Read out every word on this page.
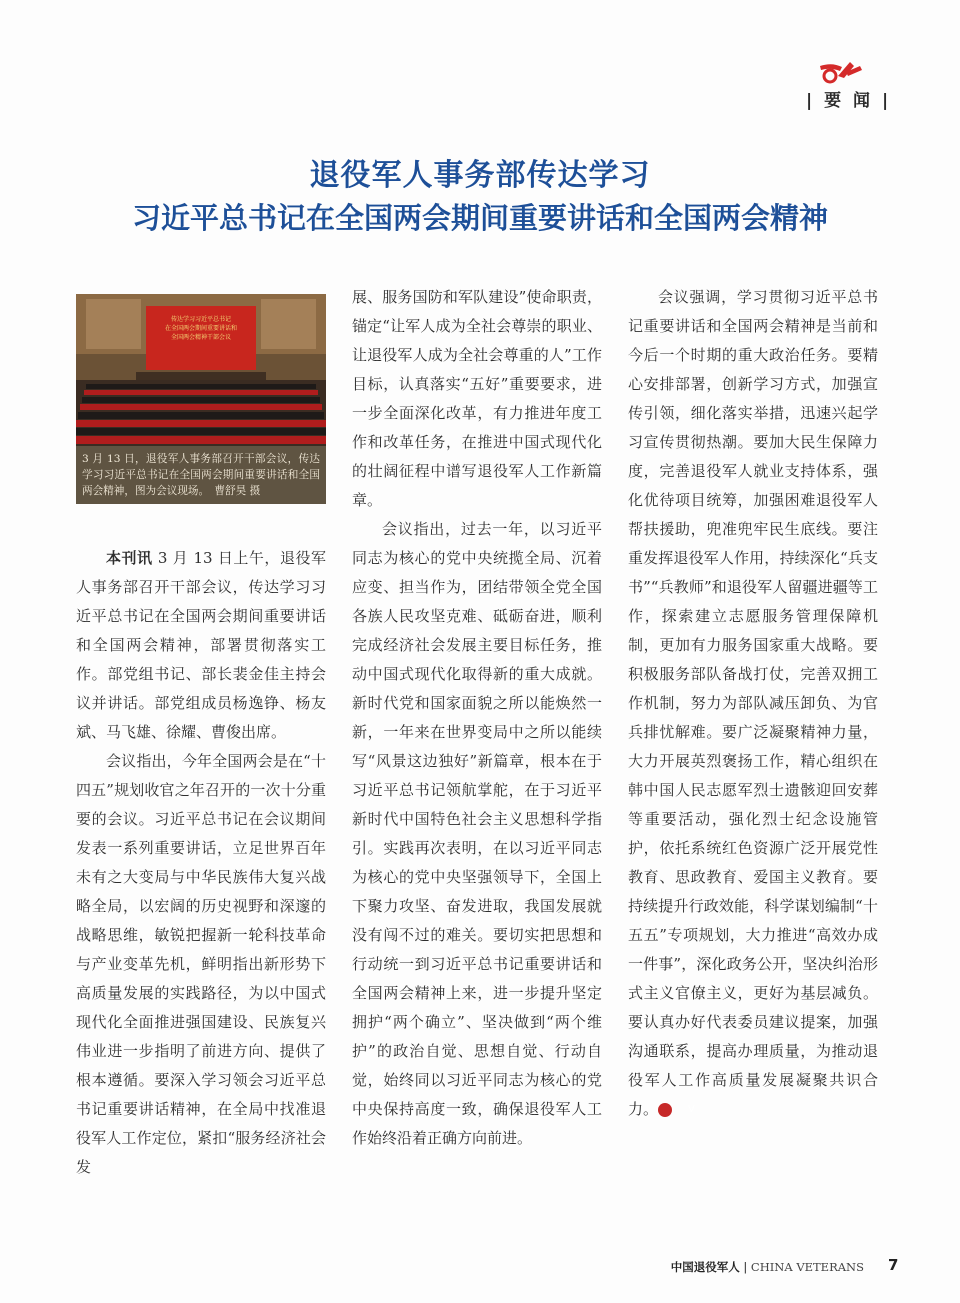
| 要 闻 |
退役军人事务部传达学习
习近平总书记在全国两会期间重要讲话和全国两会精神
传达学习习近平总书记
在全国两会期间重要讲话和
全国两会精神干部会议
3 月 13 日，退役军人事务部召开干部会议，传达学习习近平总书记在全国两会期间重要讲话和全国两会精神，图为会议现场。　曹舒昊 摄

本刊讯 3 月 13 日上午，退役军人事务部召开干部会议，传达学习习近平总书记在全国两会期间重要讲话和全国两会精神，部署贯彻落实工作。部党组书记、部长裴金佳主持会议并讲话。部党组成员杨逸铮、杨友斌、马飞雄、徐耀、曹俊出席。

会议指出，今年全国两会是在“十四五”规划收官之年召开的一次十分重要的会议。习近平总书记在会议期间发表一系列重要讲话，立足世界百年未有之大变局与中华民族伟大复兴战略全局，以宏阔的历史视野和深邃的战略思维，敏锐把握新一轮科技革命与产业变革先机，鲜明指出新形势下高质量发展的实践路径，为以中国式现代化全面推进强国建设、民族复兴伟业进一步指明了前进方向、提供了根本遵循。要深入学习领会习近平总书记重要讲话精神，在全局中找准退役军人工作定位，紧扣“服务经济社会发

展、服务国防和军队建设”使命职责，锚定“让军人成为全社会尊崇的职业、让退役军人成为全社会尊重的人”工作目标，认真落实“五好”重要要求，进一步全面深化改革，有力推进年度工作和改革任务，在推进中国式现代化的壮阔征程中谱写退役军人工作新篇章。

会议指出，过去一年，以习近平同志为核心的党中央统揽全局、沉着应变、担当作为，团结带领全党全国各族人民攻坚克难、砥砺奋进，顺利完成经济社会发展主要目标任务，推动中国式现代化取得新的重大成就。新时代党和国家面貌之所以能焕然一新，一年来在世界变局中之所以能续写“风景这边独好”新篇章，根本在于习近平总书记领航掌舵，在于习近平新时代中国特色社会主义思想科学指引。实践再次表明，在以习近平同志为核心的党中央坚强领导下，全国上下聚力攻坚、奋发进取，我国发展就没有闯不过的难关。要切实把思想和行动统一到习近平总书记重要讲话和全国两会精神上来，进一步提升坚定拥护“两个确立”、坚决做到“两个维护”的政治自觉、思想自觉、行动自觉，始终同以习近平同志为核心的党中央保持高度一致，确保退役军人工作始终沿着正确方向前进。

会议强调，学习贯彻习近平总书记重要讲话和全国两会精神是当前和今后一个时期的重大政治任务。要精心安排部署，创新学习方式，加强宣传引领，细化落实举措，迅速兴起学习宣传贯彻热潮。要加大民生保障力度，完善退役军人就业支持体系，强化优待项目统筹，加强困难退役军人帮扶援助，兜准兜牢民生底线。要注重发挥退役军人作用，持续深化“兵支书”“兵教师”和退役军人留疆进疆等工作，探索建立志愿服务管理保障机制，更加有力服务国家重大战略。要积极服务部队备战打仗，完善双拥工作机制，努力为部队减压卸负、为官兵排忧解难。要广泛凝聚精神力量，大力开展英烈褒扬工作，精心组织在韩中国人民志愿军烈士遗骸迎回安葬等重要活动，强化烈士纪念设施管护，依托系统红色资源广泛开展党性教育、思政教育、爱国主义教育。要持续提升行政效能，科学谋划编制“十五五”专项规划，大力推进“高效办成一件事”，深化政务公开，坚决纠治形式主义官僚主义，更好为基层减负。要认真办好代表委员建议提案，加强沟通联系，提高办理质量，为推动退役军人工作高质量发展凝聚共识合力。	V

中国退役军人 | CHINA VETERANS 7
